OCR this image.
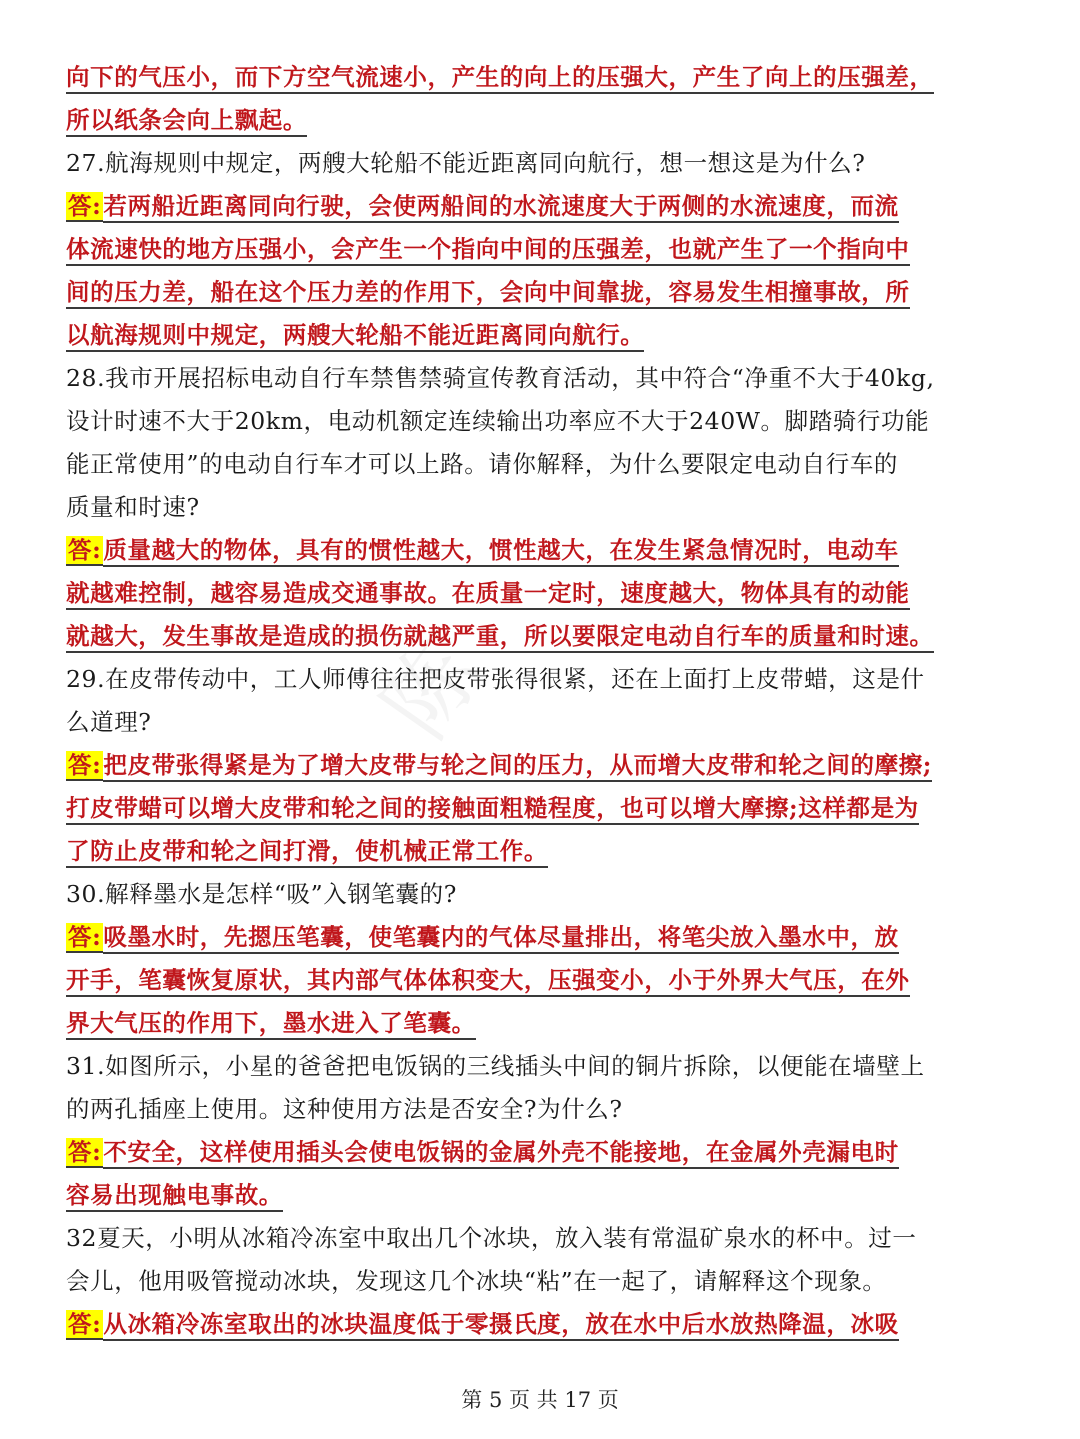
陈
向下的气压小，而下方空气流速小，产生的向上的压强大，产生了向上的压强差，
所以纸条会向上飘起。
27.航海规则中规定，两艘大轮船不能近距离同向航行，想一想这是为什么?
答:若两船近距离同向行驶，会使两船间的水流速度大于两侧的水流速度，而流
体流速快的地方压强小，会产生一个指向中间的压强差，也就产生了一个指向中
间的压力差，船在这个压力差的作用下，会向中间靠拢，容易发生相撞事故，所
以航海规则中规定，两艘大轮船不能近距离同向航行。
28.我市开展招标电动自行车禁售禁骑宣传教育活动，其中符合“净重不大于40kg,
设计时速不大于20km，电动机额定连续输出功率应不大于240W。脚踏骑行功能
能正常使用”的电动自行车才可以上路。请你解释，为什么要限定电动自行车的
质量和时速?
答:质量越大的物体，具有的惯性越大，惯性越大，在发生紧急情况时，电动车
就越难控制，越容易造成交通事故。在质量一定时，速度越大，物体具有的动能
就越大，发生事故是造成的损伤就越严重，所以要限定电动自行车的质量和时速。
29.在皮带传动中，工人师傅往往把皮带张得很紧，还在上面打上皮带蜡，这是什
么道理?
答:把皮带张得紧是为了增大皮带与轮之间的压力，从而增大皮带和轮之间的摩擦;
打皮带蜡可以增大皮带和轮之间的接触面粗糙程度，也可以增大摩擦;这样都是为
了防止皮带和轮之间打滑，使机械正常工作。
30.解释墨水是怎样“吸”入钢笔囊的?
答:吸墨水时，先摁压笔囊，使笔囊内的气体尽量排出，将笔尖放入墨水中，放
开手，笔囊恢复原状，其内部气体体积变大，压强变小，小于外界大气压，在外
界大气压的作用下，墨水进入了笔囊。
31.如图所示，小星的爸爸把电饭锅的三线插头中间的铜片拆除，以便能在墙壁上
的两孔插座上使用。这种使用方法是否安全?为什么?
答:不安全，这样使用插头会使电饭锅的金属外壳不能接地，在金属外壳漏电时
容易出现触电事故。
32夏天，小明从冰箱冷冻室中取出几个冰块，放入装有常温矿泉水的杯中。过一
会儿，他用吸管搅动冰块，发现这几个冰块“粘”在一起了，请解释这个现象。
答:从冰箱冷冻室取出的冰块温度低于零摄氏度，放在水中后水放热降温，冰吸
第 5 页 共 17 页
